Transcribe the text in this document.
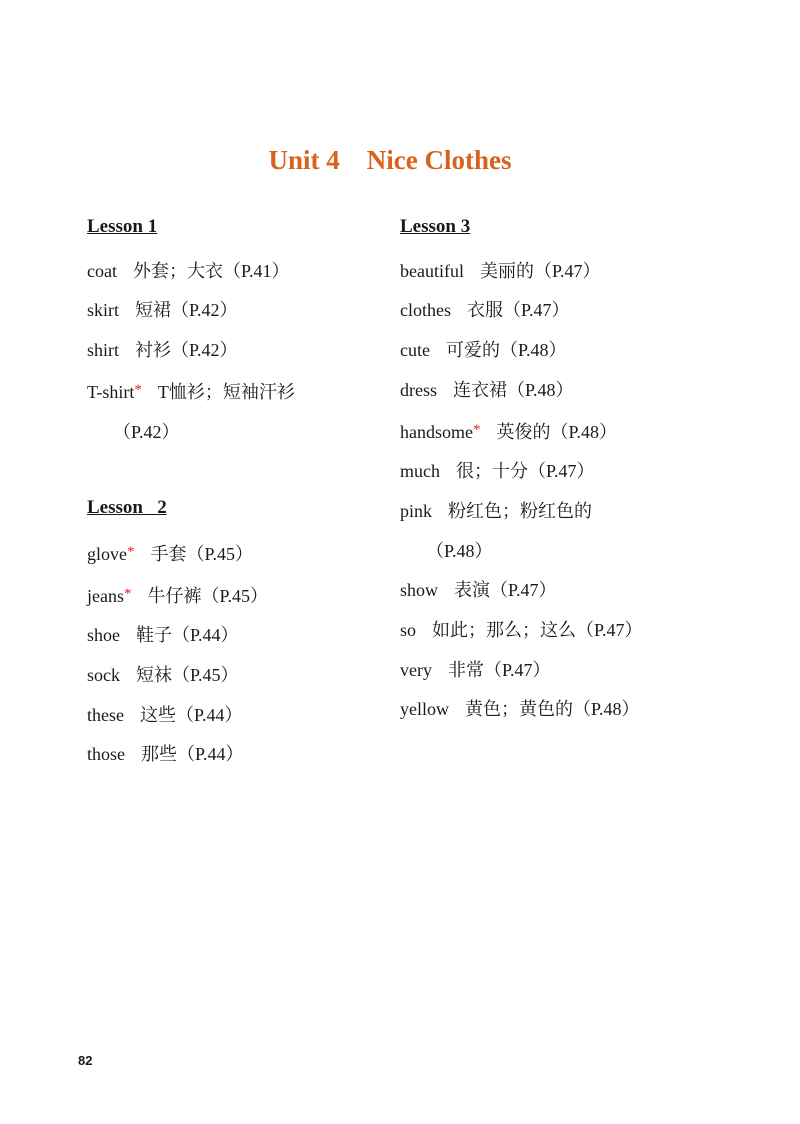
Unit 4    Nice Clothes
Lesson 1
coat 外套；大衣（P.41）
skirt 短裙（P.42）
shirt 衬衫（P.42）
T-shirt* T恤衫；短袖汗衫
（P.42）
Lesson   2
glove* 手套（P.45）
jeans* 牛仔裤（P.45）
shoe 鞋子（P.44）
sock 短袜（P.45）
these 这些（P.44）
those 那些（P.44）
Lesson 3
beautiful 美丽的（P.47）
clothes 衣服（P.47）
cute 可爱的（P.48）
dress 连衣裙（P.48）
handsome* 英俊的（P.48）
much 很；十分（P.47）
pink 粉红色；粉红色的
（P.48）
show 表演（P.47）
so 如此；那么；这么（P.47）
very 非常（P.47）
yellow 黄色；黄色的（P.48）
82
